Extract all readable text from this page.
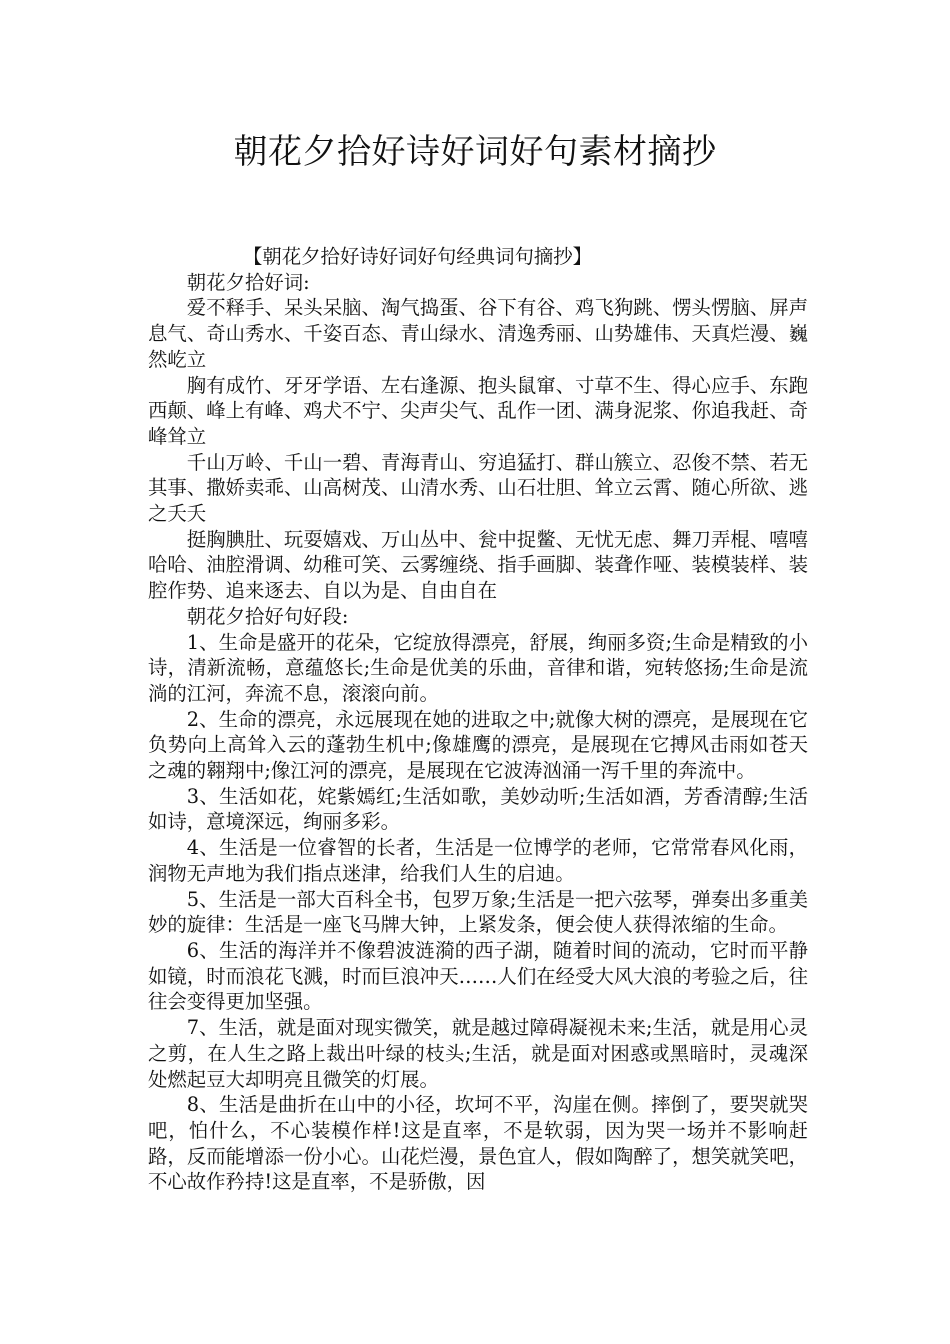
朝花夕拾好诗好词好句素材摘抄

【朝花夕拾好诗好词好句经典词句摘抄】

朝花夕拾好词:

爱不释手、呆头呆脑、淘气捣蛋、谷下有谷、鸡飞狗跳、愣头愣脑、屏声息气、奇山秀水、千姿百态、青山绿水、清逸秀丽、山势雄伟、天真烂漫、巍然屹立

胸有成竹、牙牙学语、左右逢源、抱头鼠窜、寸草不生、得心应手、东跑西颠、峰上有峰、鸡犬不宁、尖声尖气、乱作一团、满身泥浆、你追我赶、奇峰耸立

千山万岭、千山一碧、青海青山、穷追猛打、群山簇立、忍俊不禁、若无其事、撒娇卖乖、山高树茂、山清水秀、山石壮胆、耸立云霄、随心所欲、逃之夭夭

挺胸腆肚、玩耍嬉戏、万山丛中、瓮中捉鳖、无忧无虑、舞刀弄棍、嘻嘻哈哈、油腔滑调、幼稚可笑、云雾缠绕、指手画脚、装聋作哑、装模装样、装腔作势、追来逐去、自以为是、自由自在

朝花夕拾好句好段:

1、生命是盛开的花朵，它绽放得漂亮，舒展，绚丽多资;生命是精致的小诗，清新流畅，意蕴悠长;生命是优美的乐曲，音律和谐，宛转悠扬;生命是流淌的江河，奔流不息，滚滚向前。

2、生命的漂亮，永远展现在她的进取之中;就像大树的漂亮，是展现在它负势向上高耸入云的蓬勃生机中;像雄鹰的漂亮，是展现在它搏风击雨如苍天之魂的翱翔中;像江河的漂亮，是展现在它波涛汹涌一泻千里的奔流中。

3、生活如花，姹紫嫣红;生活如歌，美妙动听;生活如酒，芳香清醇;生活如诗，意境深远，绚丽多彩。

4、生活是一位睿智的长者，生活是一位博学的老师，它常常春风化雨，润物无声地为我们指点迷津，给我们人生的启迪。

5、生活是一部大百科全书，包罗万象;生活是一把六弦琴，弹奏出多重美妙的旋律：生活是一座飞马牌大钟，上紧发条，便会使人获得浓缩的生命。

6、生活的海洋并不像碧波涟漪的西子湖，随着时间的流动，它时而平静如镜，时而浪花飞溅，时而巨浪冲天……人们在经受大风大浪的考验之后，往往会变得更加坚强。

7、生活，就是面对现实微笑，就是越过障碍凝视未来;生活，就是用心灵之剪，在人生之路上裁出叶绿的枝头;生活，就是面对困惑或黑暗时，灵魂深处燃起豆大却明亮且微笑的灯展。

8、生活是曲折在山中的小径，坎坷不平，沟崖在侧。摔倒了，要哭就哭吧，怕什么，不心装模作样!这是直率，不是软弱，因为哭一场并不影响赶路，反而能增添一份小心。山花烂漫，景色宜人，假如陶醉了，想笑就笑吧，不心故作矜持!这是直率，不是骄傲，因
